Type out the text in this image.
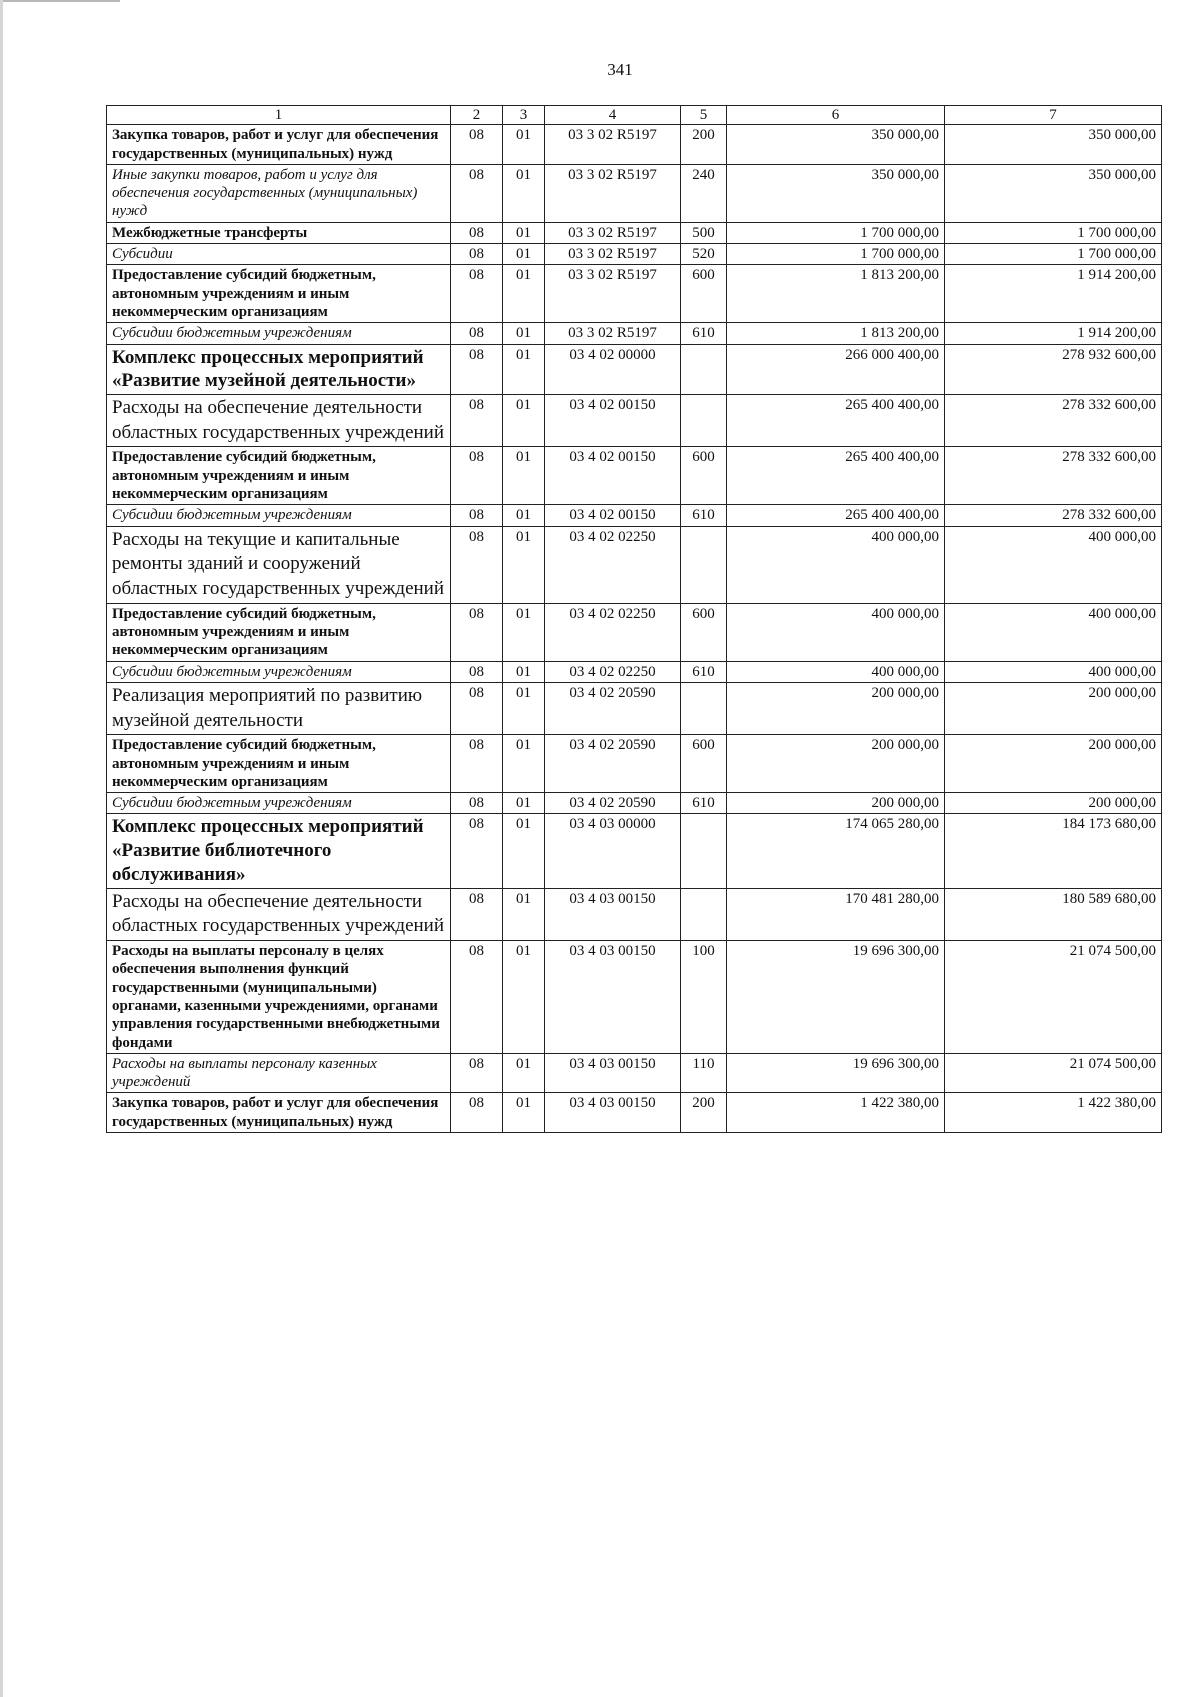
341
1	2	3	4	5	6	7
Закупка товаров, работ и услуг для обеспечения государственных (муниципальных) нужд	08	01	03 3 02 R5197	200	350 000,00	350 000,00
Иные закупки товаров, работ и услуг для обеспечения государственных (муниципальных) нужд	08	01	03 3 02 R5197	240	350 000,00	350 000,00
Межбюджетные трансферты	08	01	03 3 02 R5197	500	1 700 000,00	1 700 000,00
Субсидии	08	01	03 3 02 R5197	520	1 700 000,00	1 700 000,00
Предоставление субсидий бюджетным, автономным учреждениям и иным некоммерческим организациям	08	01	03 3 02 R5197	600	1 813 200,00	1 914 200,00
Субсидии бюджетным учреждениям	08	01	03 3 02 R5197	610	1 813 200,00	1 914 200,00
Комплекс процессных мероприятий «Развитие музейной деятельности»	08	01	03 4 02 00000		266 000 400,00	278 932 600,00
Расходы на обеспечение деятельности областных государственных учреждений	08	01	03 4 02 00150		265 400 400,00	278 332 600,00
Предоставление субсидий бюджетным, автономным учреждениям и иным некоммерческим организациям	08	01	03 4 02 00150	600	265 400 400,00	278 332 600,00
Субсидии бюджетным учреждениям	08	01	03 4 02 00150	610	265 400 400,00	278 332 600,00
Расходы на текущие и капитальные ремонты зданий и сооружений областных государственных учреждений	08	01	03 4 02 02250		400 000,00	400 000,00
Предоставление субсидий бюджетным, автономным учреждениям и иным некоммерческим организациям	08	01	03 4 02 02250	600	400 000,00	400 000,00
Субсидии бюджетным учреждениям	08	01	03 4 02 02250	610	400 000,00	400 000,00
Реализация мероприятий по развитию музейной деятельности	08	01	03 4 02 20590		200 000,00	200 000,00
Предоставление субсидий бюджетным, автономным учреждениям и иным некоммерческим организациям	08	01	03 4 02 20590	600	200 000,00	200 000,00
Субсидии бюджетным учреждениям	08	01	03 4 02 20590	610	200 000,00	200 000,00
Комплекс процессных мероприятий «Развитие библиотечного обслуживания»	08	01	03 4 03 00000		174 065 280,00	184 173 680,00
Расходы на обеспечение деятельности областных государственных учреждений	08	01	03 4 03 00150		170 481 280,00	180 589 680,00
Расходы на выплаты персоналу в целях обеспечения выполнения функций государственными (муниципальными) органами, казенными учреждениями, органами управления государственными внебюджетными фондами	08	01	03 4 03 00150	100	19 696 300,00	21 074 500,00
Расходы на выплаты персоналу казенных учреждений	08	01	03 4 03 00150	110	19 696 300,00	21 074 500,00
Закупка товаров, работ и услуг для обеспечения государственных (муниципальных) нужд	08	01	03 4 03 00150	200	1 422 380,00	1 422 380,00
